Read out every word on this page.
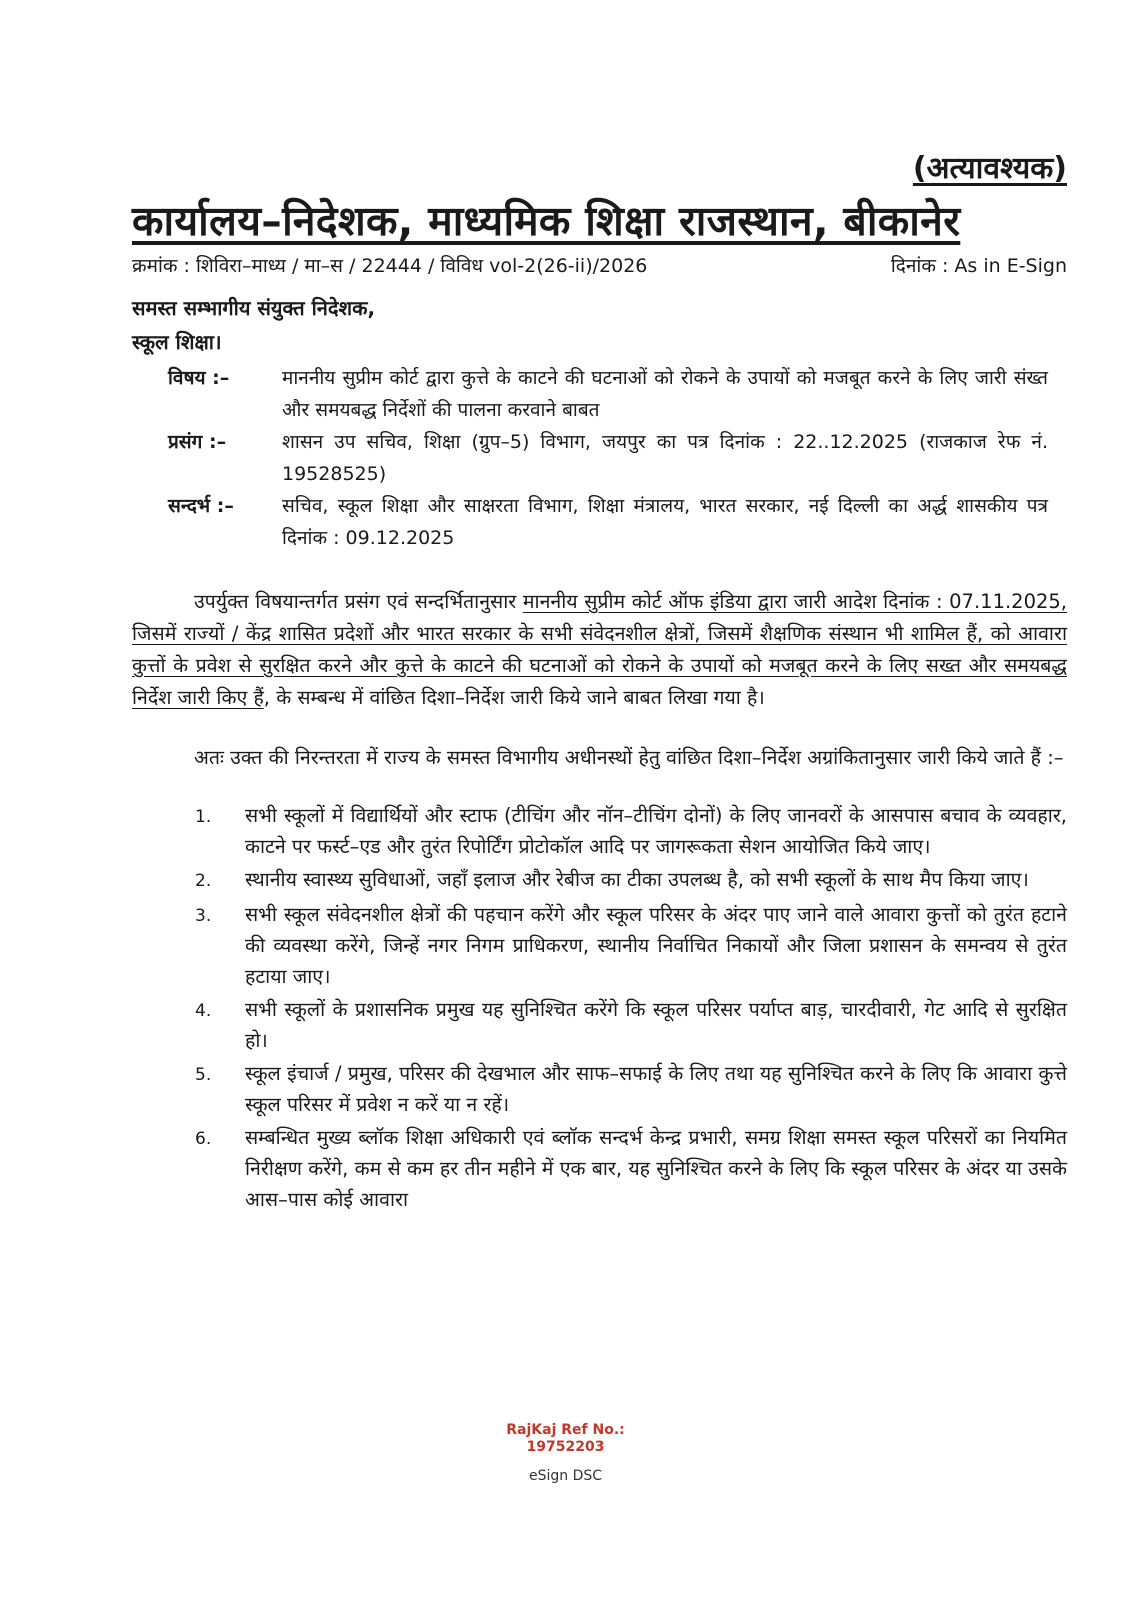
(अत्यावश्यक)
कार्यालय–निदेशक, माध्यमिक शिक्षा राजस्थान, बीकानेर
क्रमांक : शिविरा–माध्य / मा–स / 22444 / विविध vol-2(26-ii)/2026	दिनांक : As in E-Sign
समस्त सम्भागीय संयुक्त निदेशक,
स्कूल शिक्षा।
विषय :–	माननीय सुप्रीम कोर्ट द्वारा कुत्ते के काटने की घटनाओं को रोकने के उपायों को मजबूत करने के लिए जारी संख्त और समयबद्ध निर्देशों की पालना करवाने बाबत
प्रसंग :–	शासन उप सचिव, शिक्षा (ग्रुप–5) विभाग, जयपुर का पत्र दिनांक : 22..12.2025 (राजकाज रेफ नं. 19528525)
सन्दर्भ :–	सचिव, स्कूल शिक्षा और साक्षरता विभाग, शिक्षा मंत्रालय, भारत सरकार, नई दिल्ली का अर्द्ध शासकीय पत्र दिनांक : 09.12.2025
उपर्युक्त विषयान्तर्गत प्रसंग एवं सन्दर्भितानुसार माननीय सुप्रीम कोर्ट ऑफ इंडिया द्वारा जारी आदेश दिनांक : 07.11.2025, जिसमें राज्यों / केंद्र शासित प्रदेशों और भारत सरकार के सभी संवेदनशील क्षेत्रों, जिसमें शैक्षणिक संस्थान भी शामिल हैं, को आवारा कुत्तों के प्रवेश से सुरक्षित करने और कुत्ते के काटने की घटनाओं को रोकने के उपायों को मजबूत करने के लिए सख्त और समयबद्ध निर्देश जारी किए हैं, के सम्बन्ध में वांछित दिशा–निर्देश जारी किये जाने बाबत लिखा गया है।
अतः उक्त की निरन्तरता में राज्य के समस्त विभागीय अधीनस्थों हेतु वांछित दिशा–निर्देश अग्रांकितानुसार जारी किये जाते हैं :–
1.	सभी स्कूलों में विद्यार्थियों और स्टाफ (टीचिंग और नॉन–टीचिंग दोनों) के लिए जानवरों के आसपास बचाव के व्यवहार, काटने पर फर्स्ट–एड और तुरंत रिपोर्टिंग प्रोटोकॉल आदि पर जागरूकता सेशन आयोजित किये जाए।
2.	स्थानीय स्वास्थ्य सुविधाओं, जहाँ इलाज और रेबीज का टीका उपलब्ध है, को सभी स्कूलों के साथ मैप किया जाए।
3.	सभी स्कूल संवेदनशील क्षेत्रों की पहचान करेंगे और स्कूल परिसर के अंदर पाए जाने वाले आवारा कुत्तों को तुरंत हटाने की व्यवस्था करेंगे, जिन्हें नगर निगम प्राधिकरण, स्थानीय निर्वाचित निकायों और जिला प्रशासन के समन्वय से तुरंत हटाया जाए।
4.	सभी स्कूलों के प्रशासनिक प्रमुख यह सुनिश्चित करेंगे कि स्कूल परिसर पर्याप्त बाड़, चारदीवारी, गेट आदि से सुरक्षित हो।
5.	स्कूल इंचार्ज / प्रमुख, परिसर की देखभाल और साफ–सफाई के लिए तथा यह सुनिश्चित करने के लिए कि आवारा कुत्ते स्कूल परिसर में प्रवेश न करें या न रहें।
6.	सम्बन्धित मुख्य ब्लॉक शिक्षा अधिकारी एवं ब्लॉक सन्दर्भ केन्द्र प्रभारी, समग्र शिक्षा समस्त स्कूल परिसरों का नियमित निरीक्षण करेंगे, कम से कम हर तीन महीने में एक बार, यह सुनिश्चित करने के लिए कि स्कूल परिसर के अंदर या उसके आस–पास कोई आवारा
RajKaj Ref No.:
19752203
eSign DSC
